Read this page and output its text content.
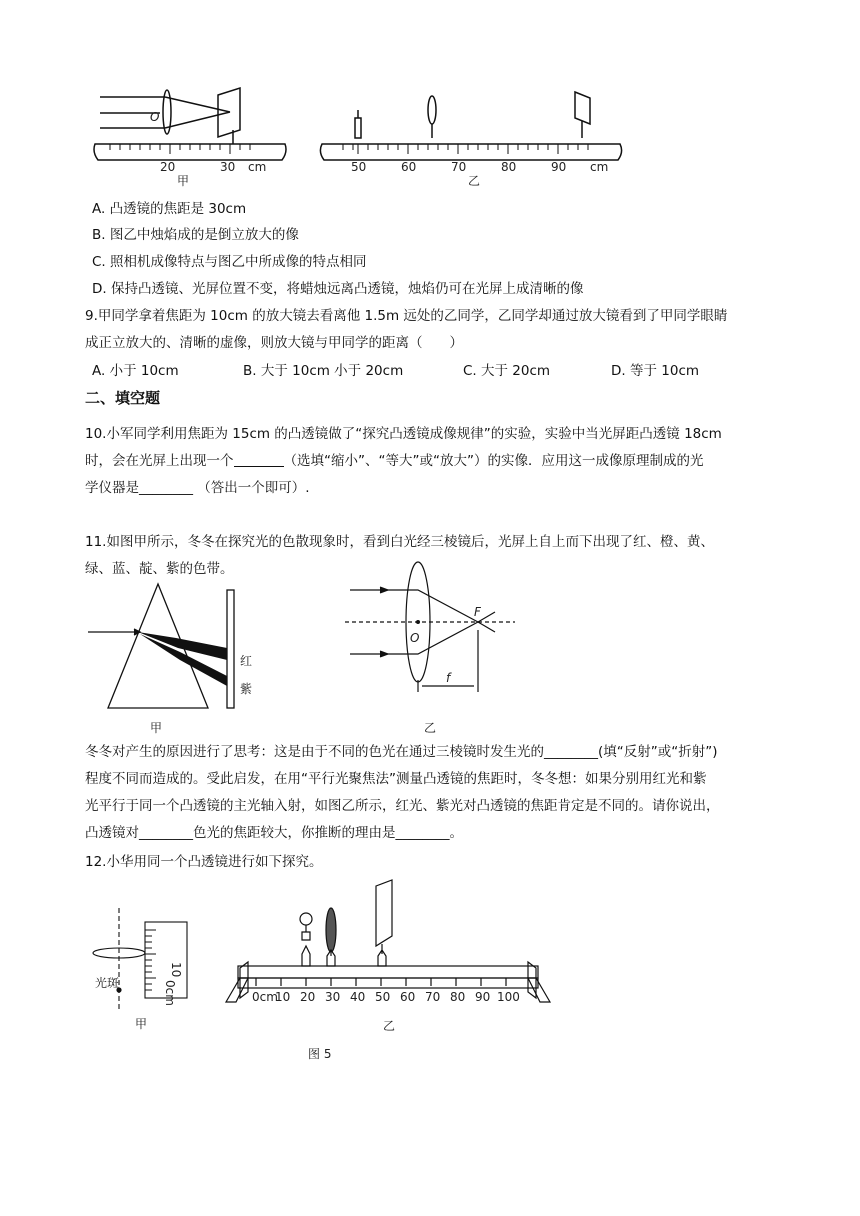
O
20	30 cm
甲
50	60	70	80	90 cm
乙
A. 凸透镜的焦距是 30cm
B. 图乙中烛焰成的是倒立放大的像
C. 照相机成像特点与图乙中所成像的特点相同
D. 保持凸透镜、光屏位置不变，将蜡烛远离凸透镜，烛焰仍可在光屏上成清晰的像
9.甲同学拿着焦距为 10cm 的放大镜去看离他 1.5m 远处的乙同学，乙同学却通过放大镜看到了甲同学眼睛
成正立放大的、清晰的虚像，则放大镜与甲同学的距离（　　）
A. 小于 10cm	B. 大于 10cm 小于 20cm	C. 大于 20cm	D. 等于 10cm
二、填空题
10.小军同学利用焦距为 15cm 的凸透镜做了“探究凸透镜成像规律”的实验，实验中当光屏距凸透镜 18cm
时，会在光屏上出现一个	（选填“缩小”、“等大”或“放大”）的实像．应用这一成像原理制成的光
学仪器是________ （答出一个即可）.
11.如图甲所示，冬冬在探究光的色散现象时，看到白光经三棱镜后，光屏上自上而下出现了红、橙、黄、
绿、蓝、靛、紫的色带。
红
紫
甲
F
O
f
乙
冬冬对产生的原因进行了思考：这是由于不同的色光在通过三棱镜时发生光的________(填“反射”或“折射”)
程度不同而造成的。受此启发，在用“平行光聚焦法”测量凸透镜的焦距时，冬冬想：如果分别用红光和紫
光平行于同一个凸透镜的主光轴入射，如图乙所示，红光、紫光对凸透镜的焦距肯定是不同的。请你说出，
凸透镜对________色光的焦距较大，你推断的理由是________。
12.小华用同一个凸透镜进行如下探究。
光斑
10
0cm
甲
0cm
10 20 30 40 50 60 70 80 90 100
乙
图 5
